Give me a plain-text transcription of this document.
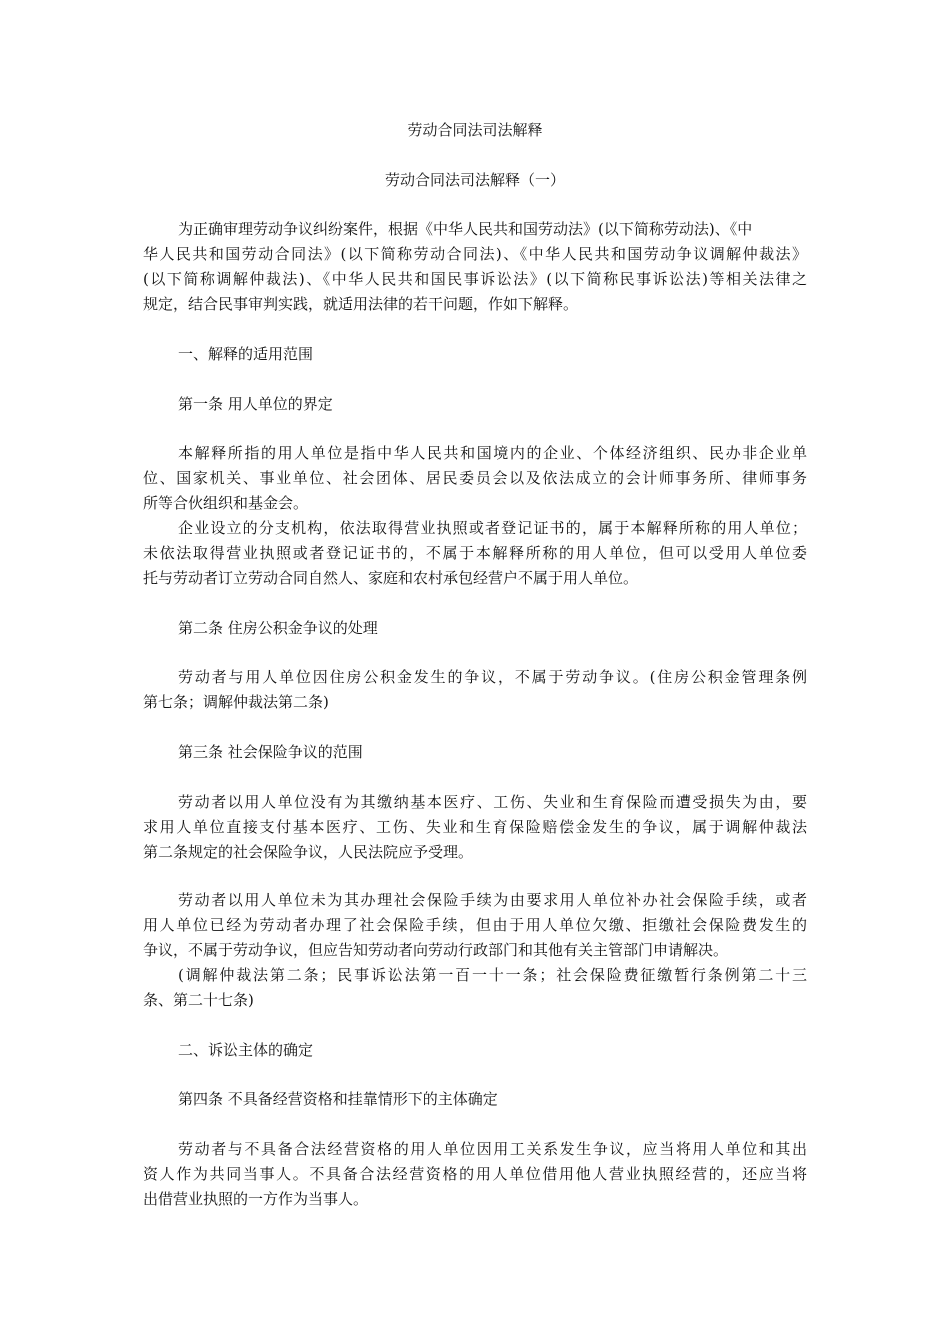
劳动合同法司法解释
劳动合同法司法解释（一）
为正确审理劳动争议纠纷案件，根据《中华人民共和国劳动法》(以下简称劳动法)、《中
华人民共和国劳动合同法》(以下简称劳动合同法)、《中华人民共和国劳动争议调解仲裁法》
(以下简称调解仲裁法)、《中华人民共和国民事诉讼法》(以下简称民事诉讼法)等相关法律之
规定，结合民事审判实践，就适用法律的若干问题，作如下解释。
一、解释的适用范围
第一条 用人单位的界定
本解释所指的用人单位是指中华人民共和国境内的企业、个体经济组织、民办非企业单
位、国家机关、事业单位、社会团体、居民委员会以及依法成立的会计师事务所、律师事务
所等合伙组织和基金会。
企业设立的分支机构，依法取得营业执照或者登记证书的，属于本解释所称的用人单位；
未依法取得营业执照或者登记证书的，不属于本解释所称的用人单位，但可以受用人单位委
托与劳动者订立劳动合同自然人、家庭和农村承包经营户不属于用人单位。
第二条 住房公积金争议的处理
劳动者与用人单位因住房公积金发生的争议，不属于劳动争议。(住房公积金管理条例
第七条；调解仲裁法第二条)
第三条 社会保险争议的范围
劳动者以用人单位没有为其缴纳基本医疗、工伤、失业和生育保险而遭受损失为由，要
求用人单位直接支付基本医疗、工伤、失业和生育保险赔偿金发生的争议，属于调解仲裁法
第二条规定的社会保险争议，人民法院应予受理。
劳动者以用人单位未为其办理社会保险手续为由要求用人单位补办社会保险手续，或者
用人单位已经为劳动者办理了社会保险手续，但由于用人单位欠缴、拒缴社会保险费发生的
争议，不属于劳动争议，但应告知劳动者向劳动行政部门和其他有关主管部门申请解决。
(调解仲裁法第二条；民事诉讼法第一百一十一条；社会保险费征缴暂行条例第二十三
条、第二十七条)
二、诉讼主体的确定
第四条 不具备经营资格和挂靠情形下的主体确定
劳动者与不具备合法经营资格的用人单位因用工关系发生争议，应当将用人单位和其出
资人作为共同当事人。不具备合法经营资格的用人单位借用他人营业执照经营的，还应当将
出借营业执照的一方作为当事人。
